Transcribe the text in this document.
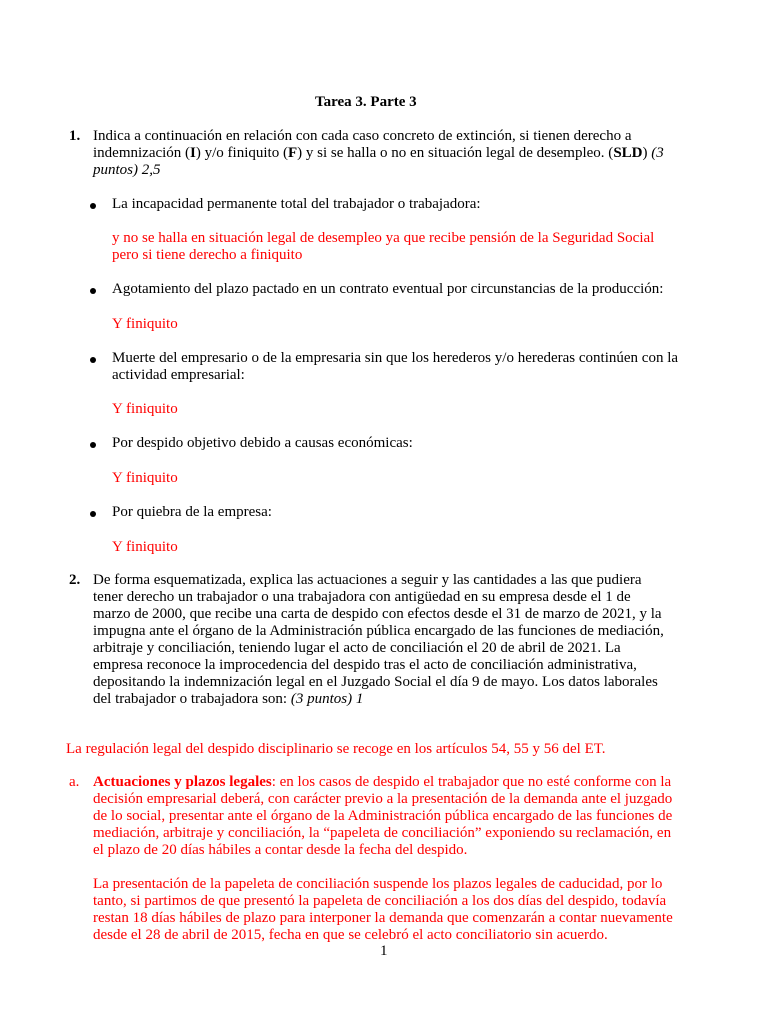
Tarea 3. Parte 3
1. Indica a continuación en relación con cada caso concreto de extinción, si tienen derecho a
indemnización (I) y/o finiquito (F) y si se halla o no en situación legal de desempleo. (SLD) (3
puntos) 2,5
La incapacidad permanente total del trabajador o trabajadora:
y no se halla en situación legal de desempleo ya que recibe pensión de la Seguridad Social
pero si tiene derecho a finiquito
Agotamiento del plazo pactado en un contrato eventual por circunstancias de la producción:
Y finiquito
Muerte del empresario o de la empresaria sin que los herederos y/o herederas continúen con la
actividad empresarial:
Y finiquito
Por despido objetivo debido a causas económicas:
Y finiquito
Por quiebra de la empresa:
Y finiquito
2. De forma esquematizada, explica las actuaciones a seguir y las cantidades a las que pudiera
tener derecho un trabajador o una trabajadora con antigüedad en su empresa desde el 1 de
marzo de 2000, que recibe una carta de despido con efectos desde el 31 de marzo de 2021, y la
impugna ante el órgano de la Administración pública encargado de las funciones de mediación,
arbitraje y conciliación, teniendo lugar el acto de conciliación el 20 de abril de 2021. La
empresa reconoce la improcedencia del despido tras el acto de conciliación administrativa,
depositando la indemnización legal en el Juzgado Social el día 9 de mayo. Los datos laborales
del trabajador o trabajadora son: (3 puntos) 1
La regulación legal del despido disciplinario se recoge en los artículos 54, 55 y 56 del ET.
a. Actuaciones y plazos legales: en los casos de despido el trabajador que no esté conforme con la
decisión empresarial deberá, con carácter previo a la presentación de la demanda ante el juzgado
de lo social, presentar ante el órgano de la Administración pública encargado de las funciones de
mediación, arbitraje y conciliación, la “papeleta de conciliación” exponiendo su reclamación, en
el plazo de 20 días hábiles a contar desde la fecha del despido.
La presentación de la papeleta de conciliación suspende los plazos legales de caducidad, por lo
tanto, si partimos de que presentó la papeleta de conciliación a los dos días del despido, todavía
restan 18 días hábiles de plazo para interponer la demanda que comenzarán a contar nuevamente
desde el 28 de abril de 2015, fecha en que se celebró el acto conciliatorio sin acuerdo.
1
